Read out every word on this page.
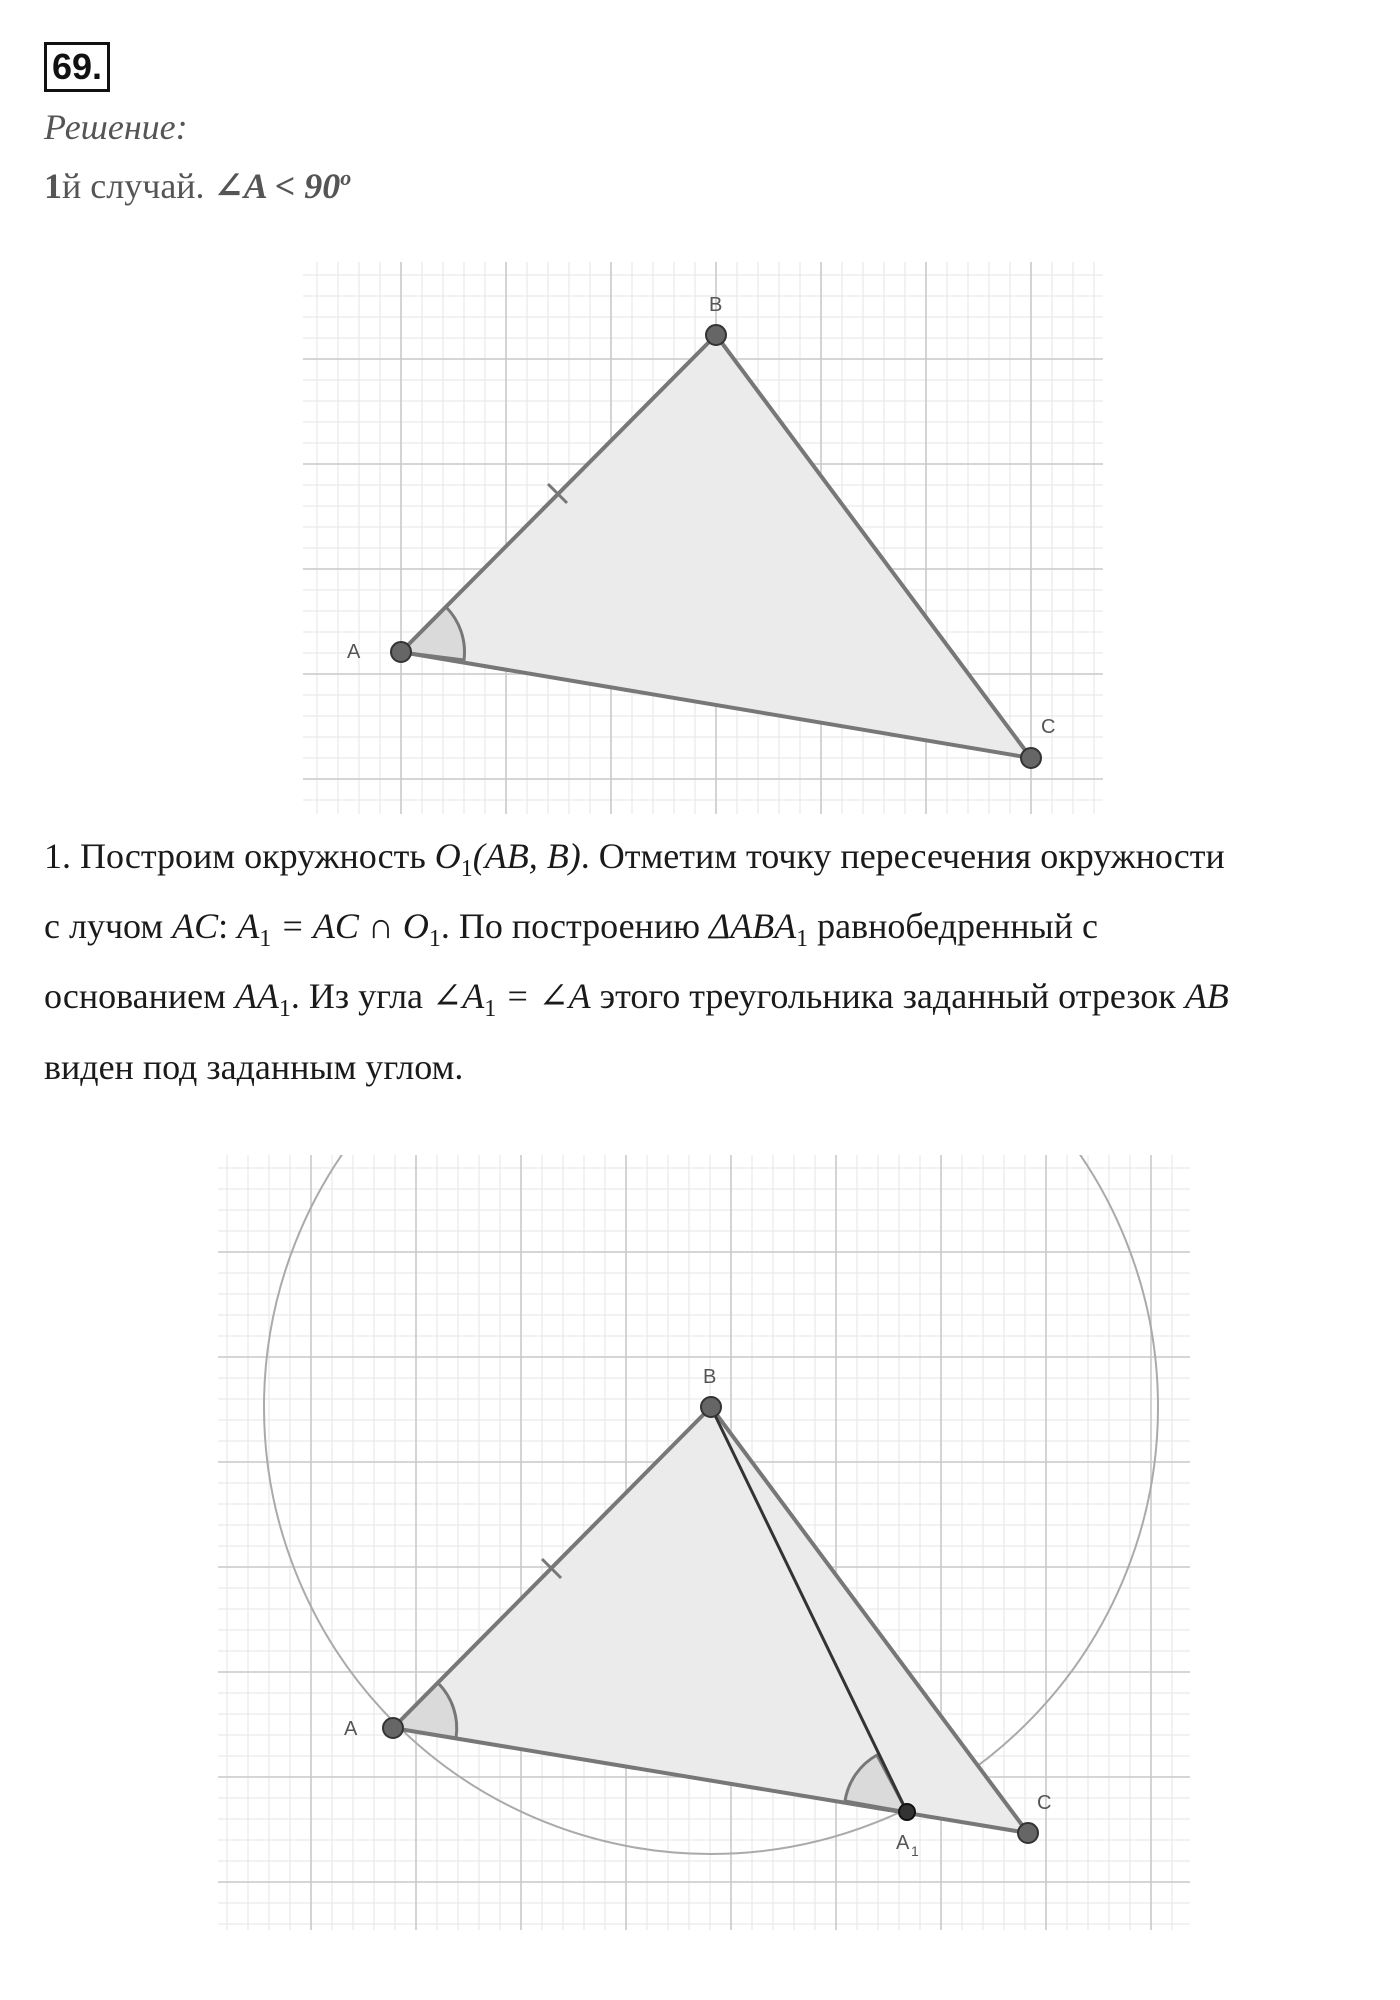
69.
Решение:
1й случай. ∠A < $90^o$
A
B
C

1. Построим окружность $O_1(AB$, B). Отметим точку пересечения окружности

с лучом AC: $A_1$ = AC ∩ $O_1$. По построению $\Delta ABA_1$ равнобедренный с

основанием $AA_1$. Из угла $\angle A_1$ = ∠A этого треугольника заданный отрезок AB

виден под заданным углом.

A
B
C
A 1
